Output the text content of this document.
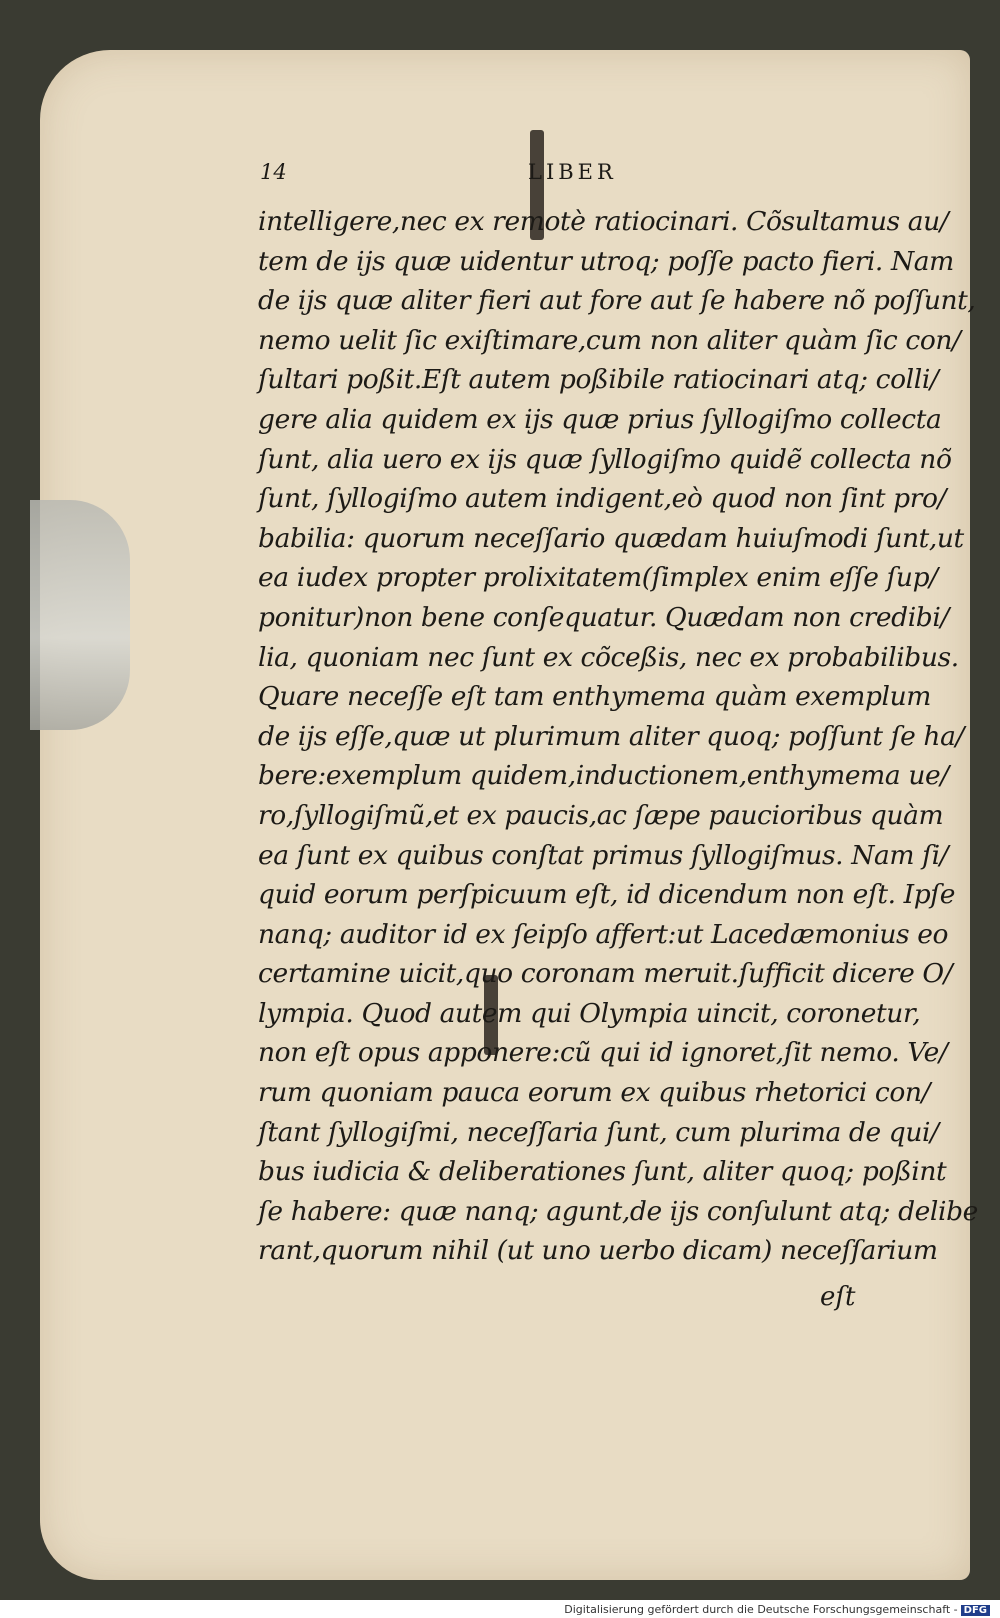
14	LIBER
intelligere,nec ex remotè ratiocinari. Cõsultamus au/
tem de ijs quæ uidentur utroq; poſſe pacto fieri. Nam
de ijs quæ aliter fieri aut fore aut ſe habere nõ poſſunt,
nemo uelit ſic exiſtimare,cum non aliter quàm ſic con/
ſultari poßit.Eſt autem poßibile ratiocinari atq; colli/
gere alia quidem ex ijs quæ prius ſyllogiſmo collecta
ſunt, alia uero ex ijs quæ ſyllogiſmo quidẽ collecta nõ
ſunt, ſyllogiſmo autem indigent,eò quod non ſint pro/
babilia: quorum neceſſario quædam huiuſmodi ſunt,ut
ea iudex propter prolixitatem(ſimplex enim eſſe ſup/
ponitur)non bene conſequatur. Quædam non credibi/
lia, quoniam nec ſunt ex cõceßis, nec ex probabilibus.
Quare neceſſe eſt tam enthymema quàm exemplum
de ijs eſſe,quæ ut plurimum aliter quoq; poſſunt ſe ha/
bere:exemplum quidem,inductionem,enthymema ue/
ro,ſyllogiſmũ,et ex paucis,ac ſæpe paucioribus quàm
ea ſunt ex quibus conſtat primus ſyllogiſmus. Nam ſi/
quid eorum perſpicuum eſt, id dicendum non eſt. Ipſe
nanq; auditor id ex ſeipſo affert:ut Lacedæmonius eo
certamine uicit,quo coronam meruit.ſufficit dicere O/
lympia. Quod autem qui Olympia uincit, coronetur,
non eſt opus apponere:cũ qui id ignoret,ſit nemo. Ve/
rum quoniam pauca eorum ex quibus rhetorici con/
ſtant ſyllogiſmi, neceſſaria ſunt, cum plurima de qui/
bus iudicia & deliberationes ſunt, aliter quoq; poßint
ſe habere: quæ nanq; agunt,de ijs conſulunt atq; delibe
rant,quorum nihil (ut uno uerbo dicam) neceſſarium
eſt
Digitalisierung gefördert durch die Deutsche Forschungsgemeinschaft - DFG
